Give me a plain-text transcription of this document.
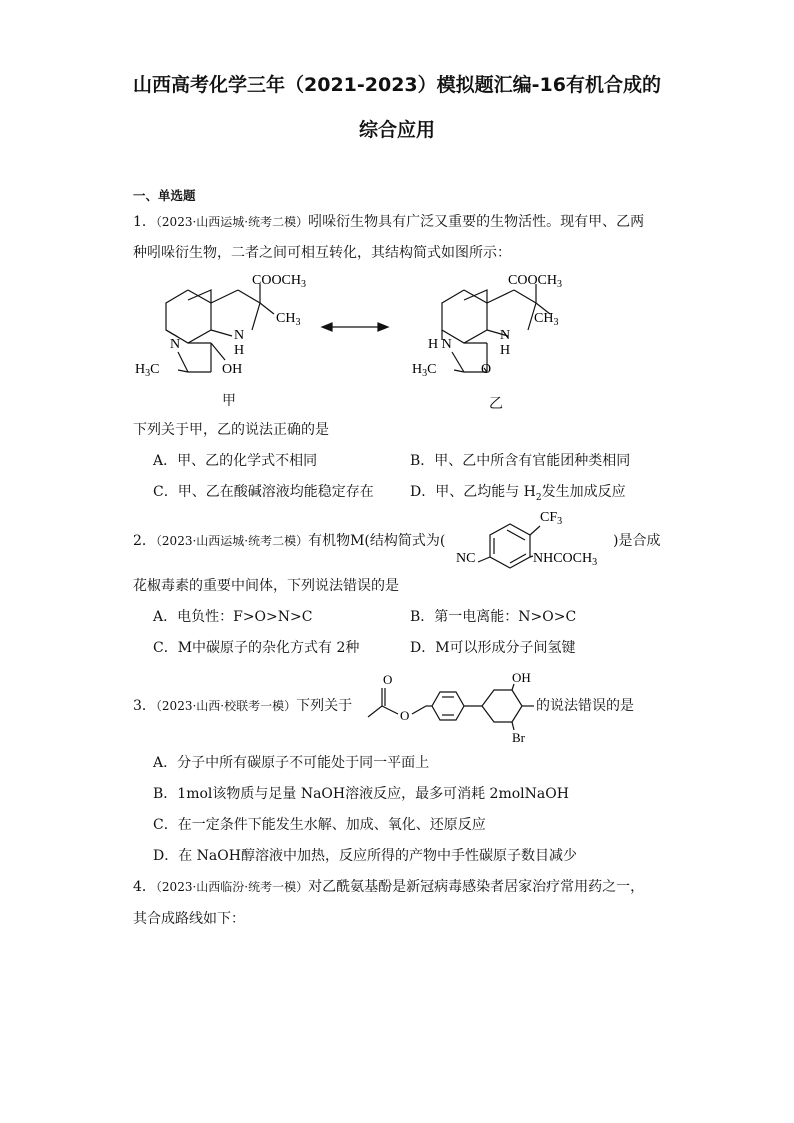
山西高考化学三年（2021-2023）模拟题汇编-16有机合成的
综合应用
一、单选题
1．（2023·山西运城·统考二模）吲哚衍生物具有广泛又重要的生物活性。现有甲、乙两
种吲哚衍生物，二者之间可相互转化，其结构简式如图所示：
$COOCH_3$
$CH_3$
N
N
H
OH
$H_3C$
$COOCH_3$
$CH_3$
H N
N
H
O
$H_3C$
$CF_3$
NC	$NHCOCH_3$
O
O
OH
Br
甲	乙
下列关于甲，乙的说法正确的是
A．甲、乙的化学式不相同	B．甲、乙中所含有官能团种类相同
C．甲、乙在酸碱溶液均能稳定存在	D．甲、乙均能与 $H_2$发生加成反应
2．（2023·山西运城·统考二模）有机物M(结构简式为(	)是合成
花椒毒素的重要中间体，下列说法错误的是
A．电负性：F>O>N>C	B．第一电离能：N>O>C
C．M中碳原子的杂化方式有 2种	D．M可以形成分子间氢键
3．（2023·山西·校联考一模）下列关于	的说法错误的是
A．分子中所有碳原子不可能处于同一平面上
B．1mol该物质与足量 NaOH溶液反应，最多可消耗 2molNaOH
C．在一定条件下能发生水解、加成、氧化、还原反应
D．在 NaOH醇溶液中加热，反应所得的产物中手性碳原子数目减少
4．（2023·山西临汾·统考一模）对乙酰氨基酚是新冠病毒感染者居家治疗常用药之一，
其合成路线如下：
